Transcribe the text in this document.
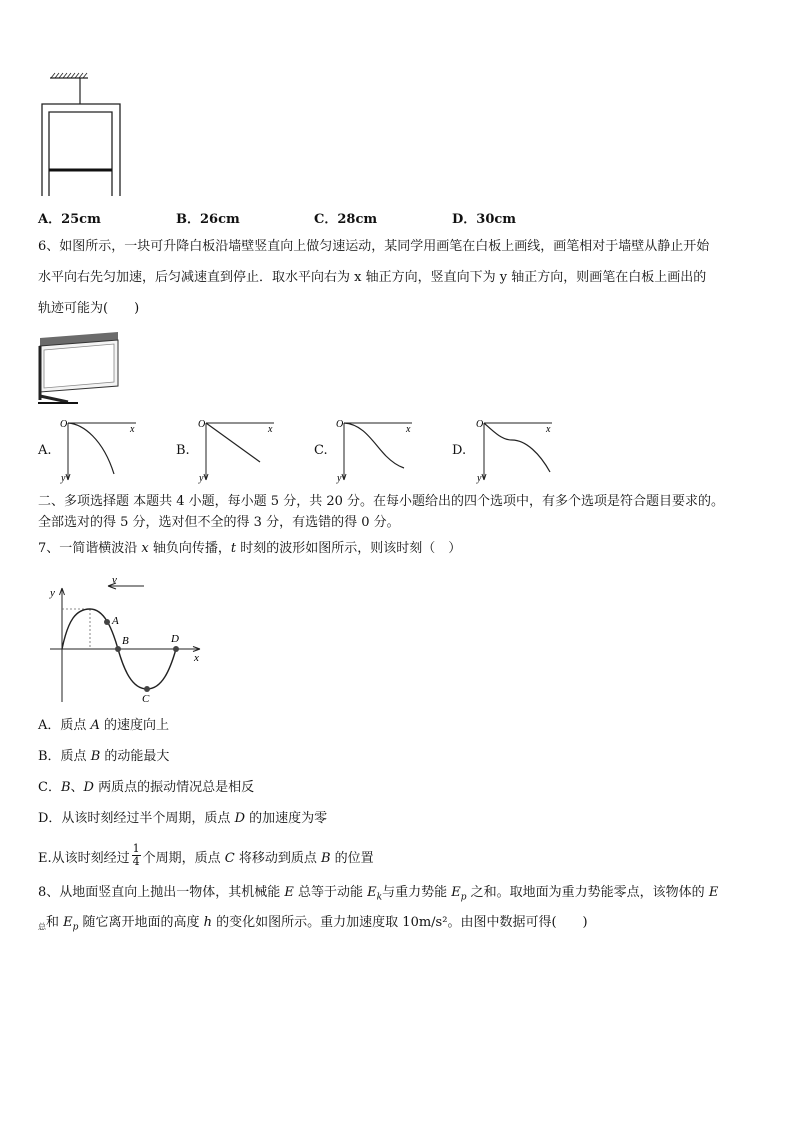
A．25cm	B．26cm	C．28cm	D．30cm
6、如图所示，一块可升降白板沿墙壁竖直向上做匀速运动，某同学用画笔在白板上画线，画笔相对于墙壁从静止开始
水平向右先匀加速，后匀减速直到停止．取水平向右为 x 轴正方向，竖直向下为 y 轴正方向，则画笔在白板上画出的
轨迹可能为(　　)
A.	B.	C.	D.
O	x
y
O	x
y
O	x
y
O	x
y
二、多项选择题 本题共 4 小题，每小题 5 分，共 20 分。在每小题给出的四个选项中，有多个选项是符合题目要求的。
全部选对的得 5 分，选对但不全的得 3 分，有选错的得 0 分。
7、一简谐横波沿 x 轴负向传播，t 时刻的波形如图所示，则该时刻（　）
v
y
x
A
B
C
D
A．质点 A 的速度向上
B．质点 B 的动能最大
C．B、D 两质点的振动情况总是相反
D．从该时刻经过半个周期，质点 D 的加速度为零
E.从该时刻经过 $\frac{1}{4}$ 个周期，质点 C 将移动到质点 B 的位置
8、从地面竖直向上抛出一物体，其机械能 E 总等于动能 $E_k$与重力势能 $E_p$ 之和。取地面为重力势能零点，该物体的 E
$_总$和 $E_p$ 随它离开地面的高度 h 的变化如图所示。重力加速度取 10m/s²。由图中数据可得(　　)
